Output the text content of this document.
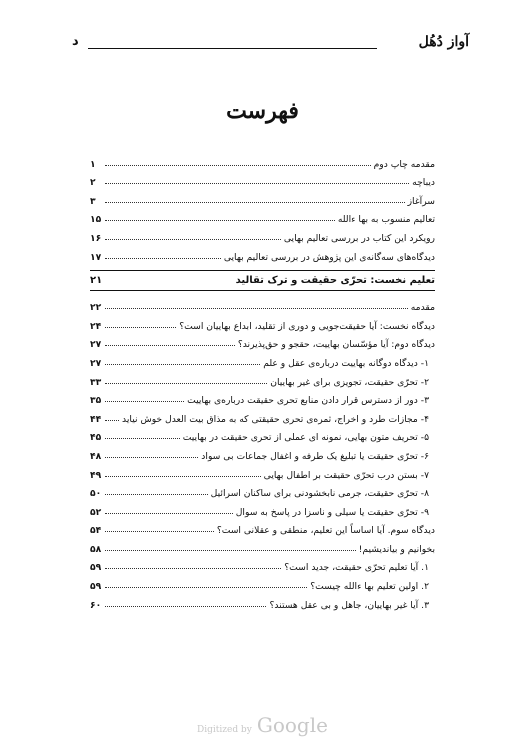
آواز دُهُل
د
فهرست
مقدمه چاپ دوم
۱
دیباچه
۲
سرآغاز
۳
تعالیم منسوب به بها ءالله
۱۵
رویکرد این کتاب در بررسی تعالیم بهایی
۱۶
دیدگاه‌های سه‌گانه‌ی این پژوهش در بررسی تعالیم بهایی
۱۷
تعلیم نخست: تحرّی حقیقت و ترک تقالید
۲۱
مقدمه
۲۲
دیدگاه نخست: آیا حقیقت‌جویی و دوری از تقلید، ابداع بهاییان است؟
۲۴
دیدگاه دوم: آیا مؤسّسان بهاییت، حقجو و حق‌پذیرند؟
۲۷
۱- دیدگاه دوگانه بهاییت درباره‌ی عقل و علم
۲۷
۲- تحرّی حقیقت، تجویزی برای غیر بهاییان
۳۳
۳- دور از دسترس قرار دادن منابع تحری حقیقت درباره‌ی بهاییت
۳۵
۴- مجازات طرد و اخراج، ثمره‌ی تحری حقیقتی که به مذاق بیت العدل خوش نیاید
۴۴
۵- تحریف متون بهایی، نمونه ای عملی از تحری حقیقت در بهاییت
۴۵
۶- تحرّی حقیقت یا تبلیغ یک طرفه و اغفال جماعات بی سواد
۴۸
۷- بستن درب تحرّی حقیقت بر اطفال بهایی
۴۹
۸- تحرّی حقیقت، جرمی نابخشودنی برای ساکنان اسرائیل
۵۰
۹- تحرّی حقیقت یا سیلی و ناسزا در پاسخ به سوال
۵۲
دیدگاه سوم. آیا اساساً این تعلیم، منطقی و عقلانی است؟
۵۴
بخوانیم و بیاندیشیم!
۵۸
۱. آیا تعلیم تحرّی حقیقت، جدید است؟
۵۹
۲. اولین تعلیم بها ءالله چیست؟
۵۹
۳. آیا غیر بهاییان، جاهل و بی عقل هستند؟
۶۰
Digitized by Google
